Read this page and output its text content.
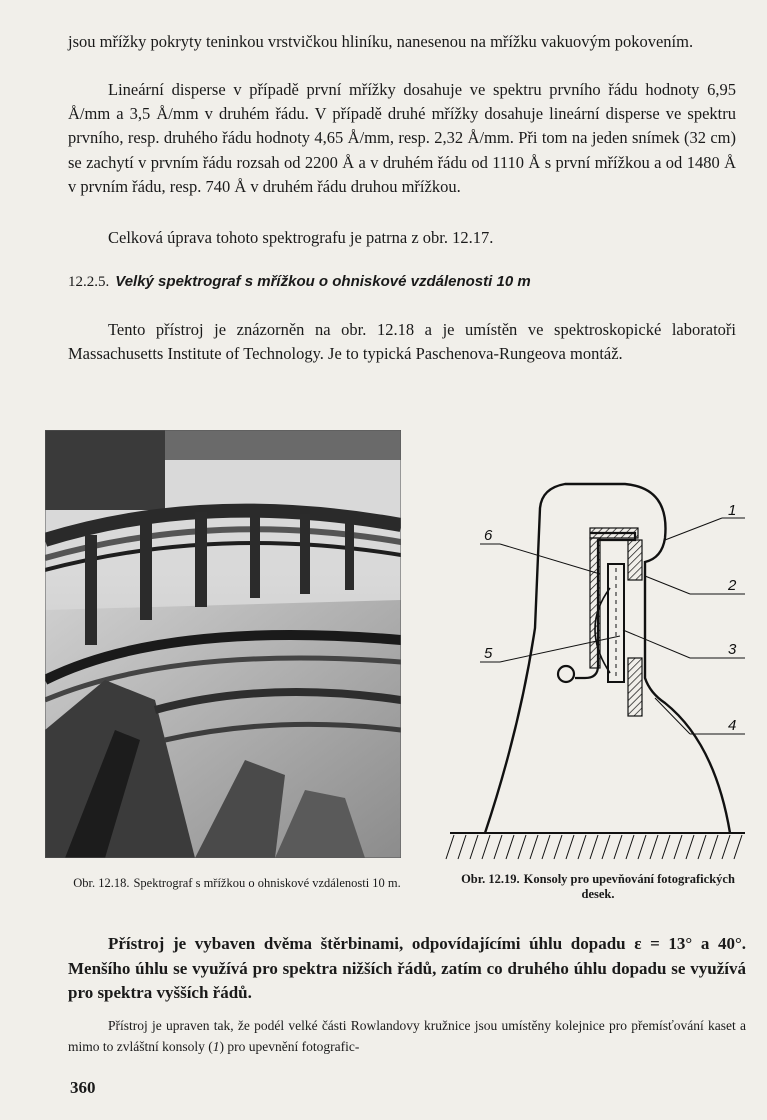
jsou mřížky pokryty teninkou vrstvičkou hliníku, nanesenou na mřížku vakuovým pokovením.

Lineární disperse v případě první mřížky dosahuje ve spektru prvního řádu hodnoty 6,95 Å/mm a 3,5 Å/mm v druhém řádu. V případě druhé mřížky dosahuje lineární disperse ve spektru prvního, resp. druhého řádu hodnoty 4,65 Å/mm, resp. 2,32 Å/mm. Při tom na jeden snímek (32 cm) se zachytí v prvním řádu rozsah od 2200 Å a v druhém řádu od 1110 Å s první mřížkou a od 1480 Å v prvním řádu, resp. 740 Å v druhém řádu druhou mřížkou.

Celková úprava tohoto spektrografu je patrna z obr. 12.17.

12.2.5. Velký spektrograf s mřížkou o ohniskové vzdálenosti 10 m

Tento přístroj je znázorněn na obr. 12.18 a je umístěn ve spektroskopické laboratoři Massachusetts Institute of Technology. Je to typická Paschenova-Rungeova montáž.

6
1
2
3
5
4

Obr. 12.18. Spektrograf s mřížkou o ohniskové vzdálenosti 10 m.	Obr. 12.19. Konsoly pro upevňování fotografických desek.

Přístroj je vybaven dvěma štěrbinami, odpovídajícími úhlu dopadu ε = 13° a 40°. Menšího úhlu se využívá pro spektra nižších řádů, zatím co druhého úhlu dopadu se využívá pro spektra vyšších řádů.

Přístroj je upraven tak, že podél velké části Rowlandovy kružnice jsou umístěny kolejnice pro přemísťování kaset a mimo to zvláštní konsoly (1) pro upevnění fotografic-

360
